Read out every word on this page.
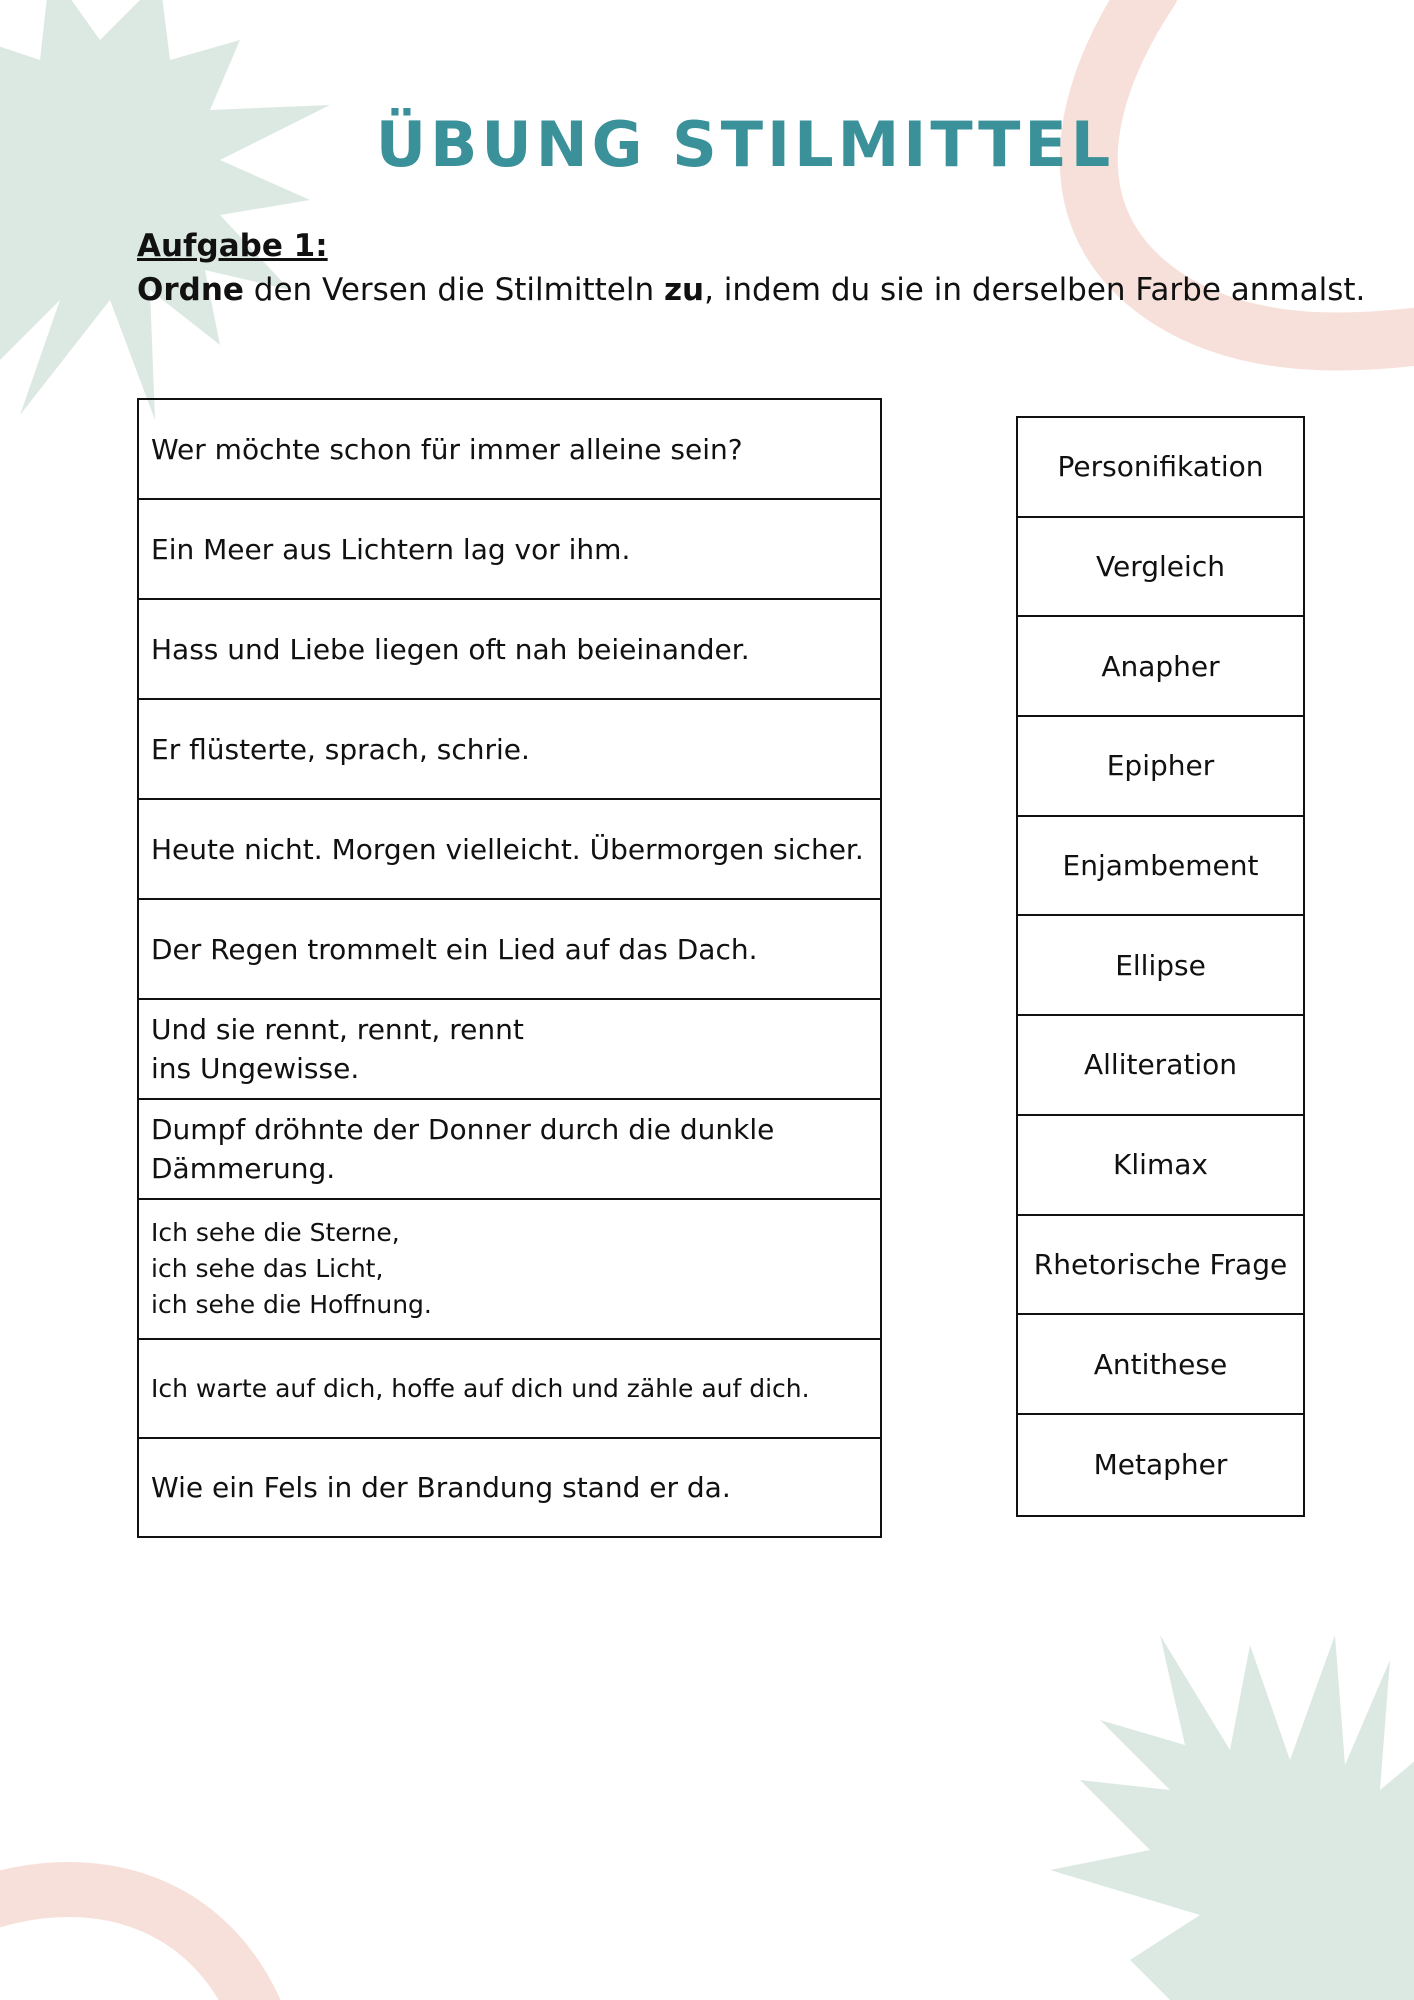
ÜBUNG STILMITTEL
Aufgabe 1:
Ordne den Versen die Stilmitteln zu, indem du sie in derselben Farbe anmalst.
Wer möchte schon für immer alleine sein?
Ein Meer aus Lichtern lag vor ihm.
Hass und Liebe liegen oft nah beieinander.
Er flüsterte, sprach, schrie.
Heute nicht. Morgen vielleicht. Übermorgen sicher.
Der Regen trommelt ein Lied auf das Dach.
Und sie rennt, rennt, rennt
ins Ungewisse.
Dumpf dröhnte der Donner durch die dunkle
Dämmerung.
Ich sehe die Sterne,
ich sehe das Licht,
ich sehe die Hoffnung.
Ich warte auf dich, hoffe auf dich und zähle auf dich.
Wie ein Fels in der Brandung stand er da.
Personifikation
Vergleich
Anapher
Epipher
Enjambement
Ellipse
Alliteration
Klimax
Rhetorische Frage
Antithese
Metapher
